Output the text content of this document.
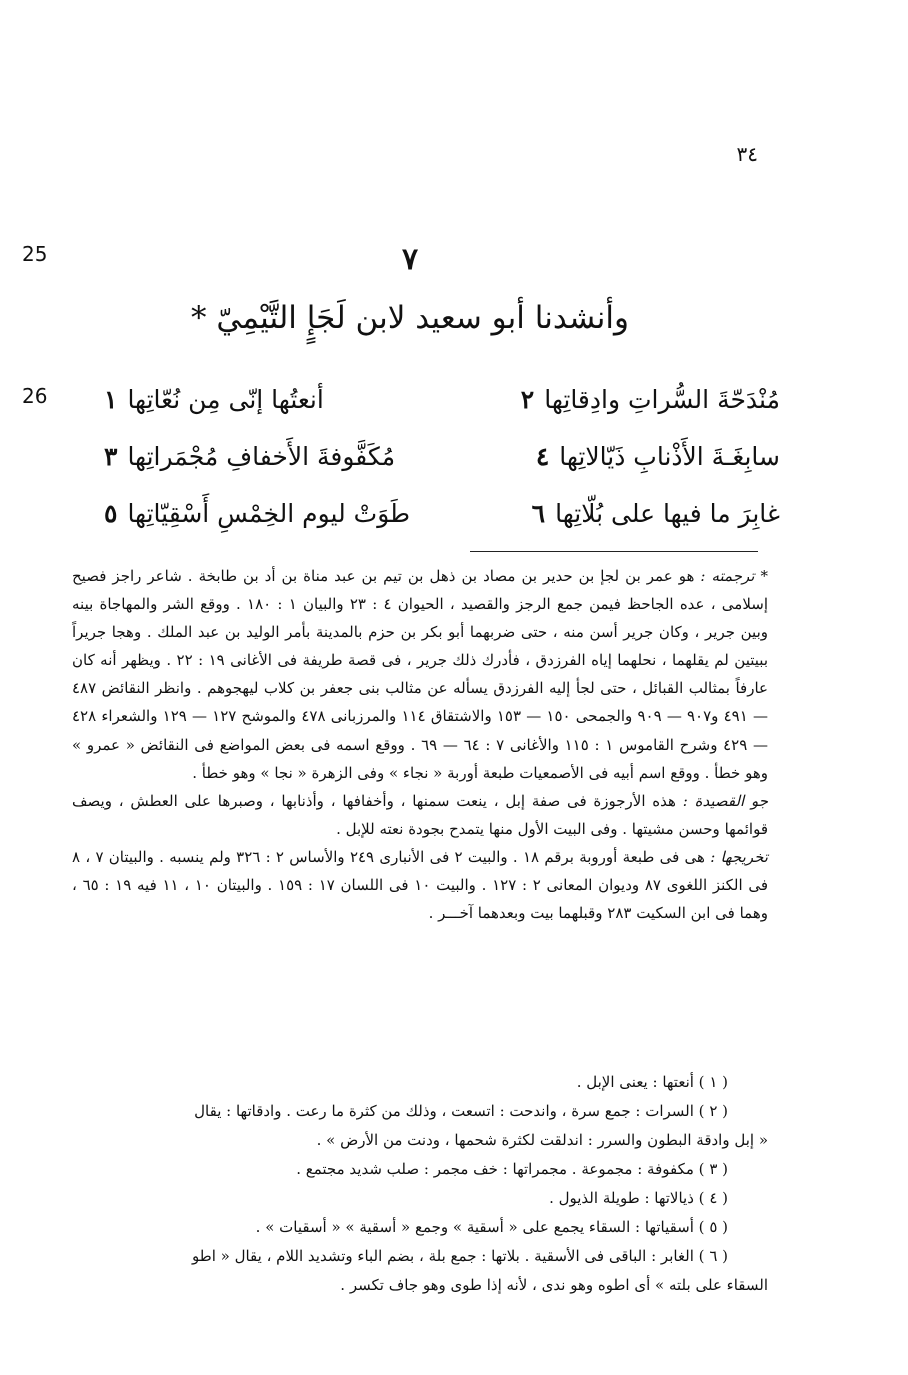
٣٤
25
26
٧
وأنشدنا أبو سعيد لابن لَجَإٍ التَّيْمِيّ *
١ أنعتُها إنّى مِن نُعّاتِها	٢ مُنْدَحّةَ السُّراتِ وادِقاتِها
٣ مُكَفَّوفةَ الأَخفافِ مُجْمَراتِها	٤ سابِغَـةَ الأَذْنابِ ذَيّالاتِها
٥ طَوَتْ ليوم الخِمْسِ أَسْقِيّاتِها	٦ غابِرَ ما فيها على بُلّاتِها

* ترجمته : هو عمر بن لجإ بن حدير بن مصاد بن ذهل بن تيم بن عبد مناة بن أد بن طابخة . شاعر راجز فصيح إسلامى ، عده الجاحظ فيمن جمع الرجز والقصيد ، الحيوان ٤ : ٢٣ والبيان ١ : ١٨٠ . ووقع الشر والمهاجاة بينه وبين جرير ، وكان جرير أسن منه ، حتى ضربهما أبو بكر بن حزم بالمدينة بأمر الوليد بن عبد الملك . وهجا جريراً ببيتين لم يقلهما ، نحلهما إياه الفرزدق ، فأدرك ذلك جرير ، فى قصة طريفة فى الأغانى ١٩ : ٢٢ . ويظهر أنه كان عارفاً بمثالب القبائل ، حتى لجأ إليه الفرزدق يسأله عن مثالب بنى جعفر بن كلاب ليهجوهم . وانظر النقائض ٤٨٧ — ٤٩١ و٩٠٧ — ٩٠٩ والجمحى ١٥٠ — ١٥٣ والاشتقاق ١١٤ والمرزبانى ٤٧٨ والموشح ١٢٧ — ١٢٩ والشعراء ٤٢٨ — ٤٢٩ وشرح القاموس ١ : ١١٥ والأغانى ٧ : ٦٤ — ٦٩ . ووقع اسمه فى بعض المواضع فى النقائض « عمرو » وهو خطأ . ووقع اسم أبيه فى الأصمعيات طبعة أوربة « نجاء » وفى الزهرة « نجا » وهو خطأ .

جو القصيدة : هذه الأرجوزة فى صفة إبل ، ينعت سمنها ، وأخفافها ، وأذنابها ، وصبرها على العطش ، ويصف قوائمها وحسن مشيتها . وفى البيت الأول منها يتمدح بجودة نعته للإبل .

تخريجها : هى فى طبعة أوروبة برقم ١٨ . والبيت ٢ فى الأنبارى ٢٤٩ والأساس ٢ : ٣٢٦ ولم ينسبه . والبيتان ٧ ، ٨ فى الكنز اللغوى ٨٧ وديوان المعانى ٢ : ١٢٧ . والبيت ١٠ فى اللسان ١٧ : ١٥٩ . والبيتان ١٠ ، ١١ فيه ١٩ : ٦٥ ، وهما فى ابن السكيت ٢٨٣ وقبلهما بيت وبعدهما آخـــر .

( ١ ) أنعتها : يعنى الإبل .

( ٢ ) السرات : جمع سرة ، واندحت : اتسعت ، وذلك من كثرة ما رعت . وادقاتها : يقال

« إبل وادقة البطون والسرر : اندلقت لكثرة شحمها ، ودنت من الأرض » .

( ٣ ) مكفوفة : مجموعة . مجمراتها : خف مجمر : صلب شديد مجتمع .

( ٤ ) ذيالاتها : طويلة الذيول .

( ٥ ) أسقياتها : السقاء يجمع على « أسقية » وجمع « أسقية » « أسقيات » .

( ٦ ) الغابر : الباقى فى الأسقية . بلاتها : جمع بلة ، بضم الباء وتشديد اللام ، يقال « اطو

السقاء على بلته » أى اطوه وهو ندى ، لأنه إذا طوى وهو جاف تكسر .
